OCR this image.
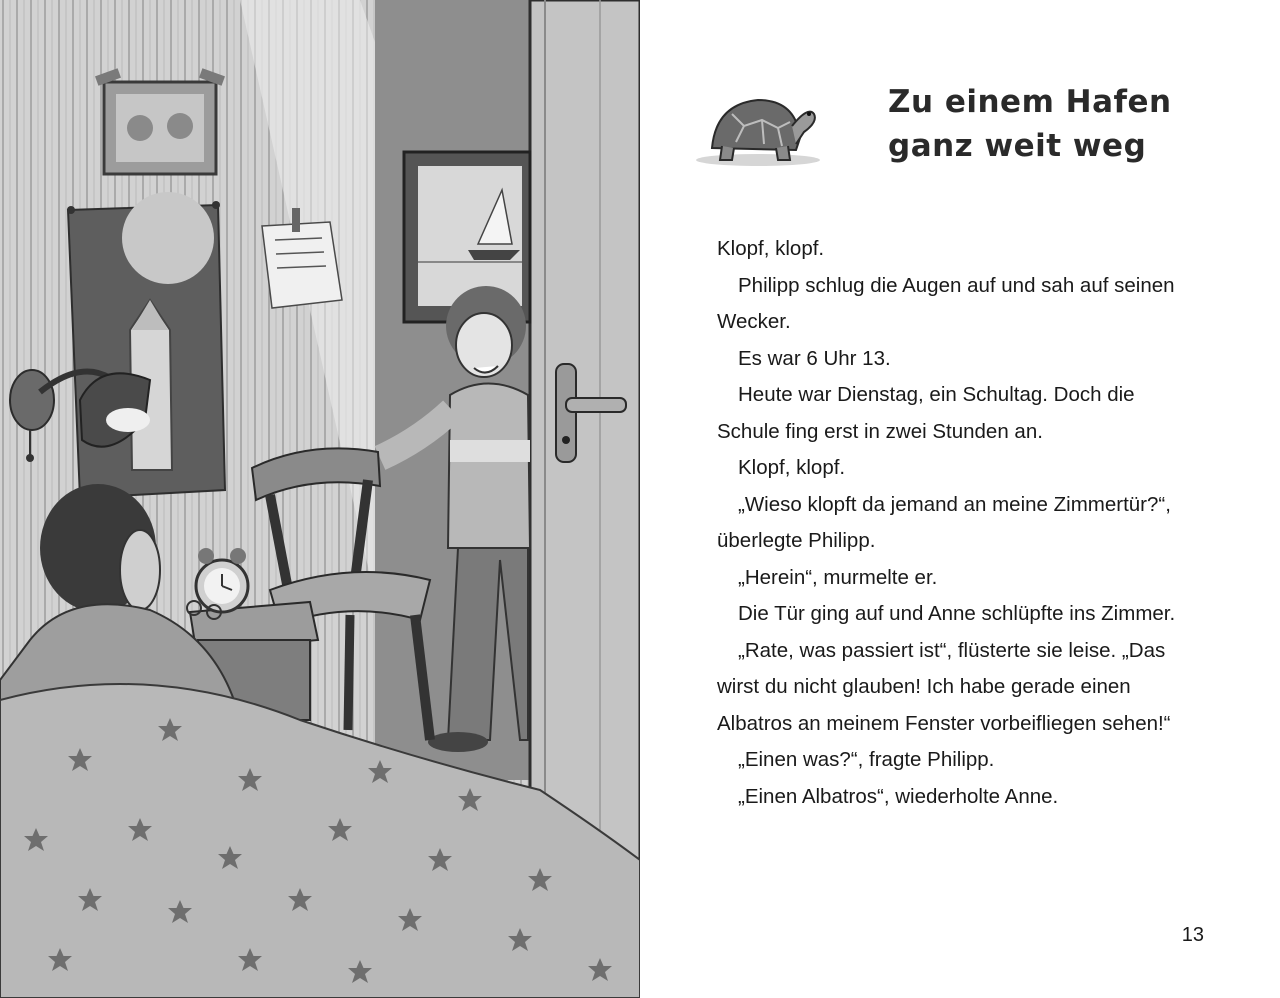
Zu einem Hafen
ganz weit weg

Klopf, klopf.

Philipp schlug die Augen auf und sah auf seinen Wecker.

Es war 6 Uhr 13.

Heute war Dienstag, ein Schultag. Doch die Schule fing erst in zwei Stunden an.

Klopf, klopf.

„Wieso klopft da jemand an meine Zimmertür?“, überlegte Philipp.

„Herein“, murmelte er.

Die Tür ging auf und Anne schlüpfte ins Zimmer.

„Rate, was passiert ist“, flüsterte sie leise. „Das wirst du nicht glauben! Ich habe gerade einen Albatros an meinem Fenster vorbeifliegen sehen!“

„Einen was?“, fragte Philipp.

„Einen Albatros“, wiederholte Anne.

13
